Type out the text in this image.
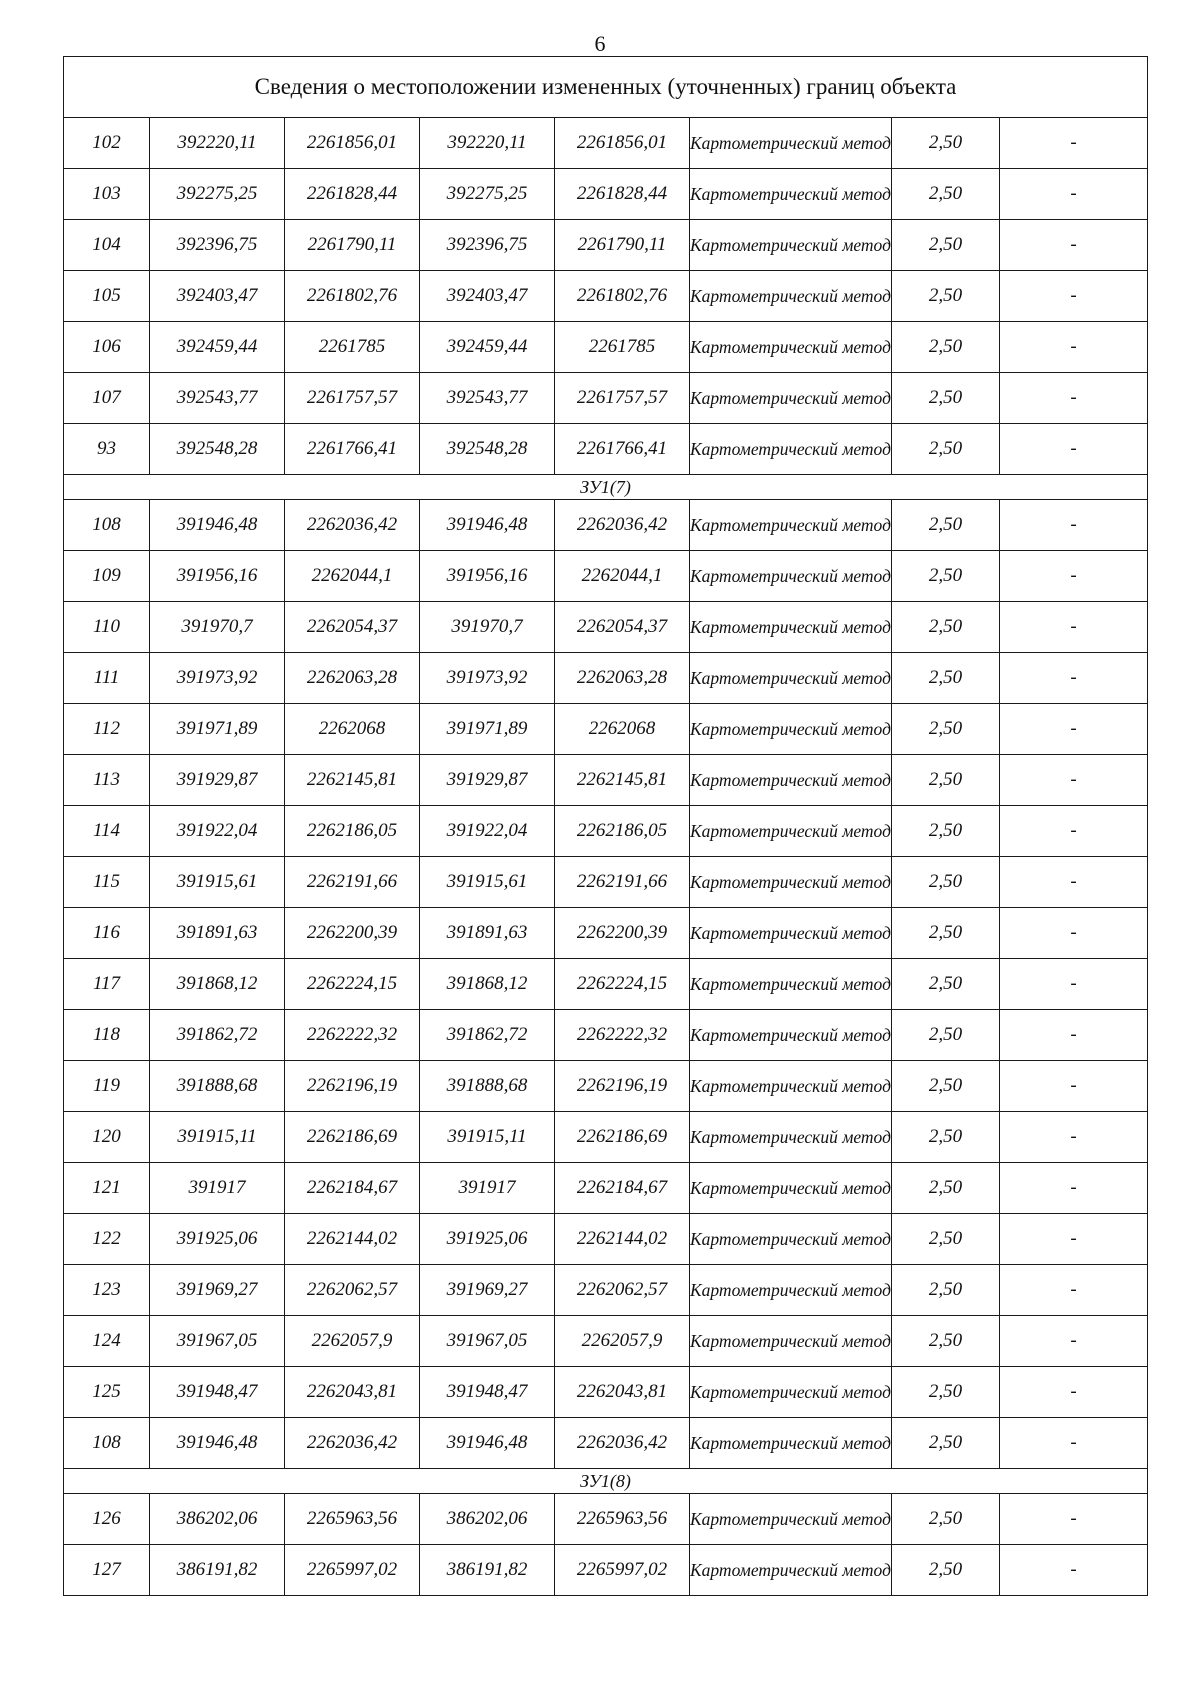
6
Сведения о местоположении измененных (уточненных) границ объекта							
102	392220,11	2261856,01	392220,11	2261856,01	Картометрический метод	2,50	-
103	392275,25	2261828,44	392275,25	2261828,44	Картометрический метод	2,50	-
104	392396,75	2261790,11	392396,75	2261790,11	Картометрический метод	2,50	-
105	392403,47	2261802,76	392403,47	2261802,76	Картометрический метод	2,50	-
106	392459,44	2261785	392459,44	2261785	Картометрический метод	2,50	-
107	392543,77	2261757,57	392543,77	2261757,57	Картометрический метод	2,50	-
93	392548,28	2261766,41	392548,28	2261766,41	Картометрический метод	2,50	-
ЗУ1(7)							
108	391946,48	2262036,42	391946,48	2262036,42	Картометрический метод	2,50	-
109	391956,16	2262044,1	391956,16	2262044,1	Картометрический метод	2,50	-
110	391970,7	2262054,37	391970,7	2262054,37	Картометрический метод	2,50	-
111	391973,92	2262063,28	391973,92	2262063,28	Картометрический метод	2,50	-
112	391971,89	2262068	391971,89	2262068	Картометрический метод	2,50	-
113	391929,87	2262145,81	391929,87	2262145,81	Картометрический метод	2,50	-
114	391922,04	2262186,05	391922,04	2262186,05	Картометрический метод	2,50	-
115	391915,61	2262191,66	391915,61	2262191,66	Картометрический метод	2,50	-
116	391891,63	2262200,39	391891,63	2262200,39	Картометрический метод	2,50	-
117	391868,12	2262224,15	391868,12	2262224,15	Картометрический метод	2,50	-
118	391862,72	2262222,32	391862,72	2262222,32	Картометрический метод	2,50	-
119	391888,68	2262196,19	391888,68	2262196,19	Картометрический метод	2,50	-
120	391915,11	2262186,69	391915,11	2262186,69	Картометрический метод	2,50	-
121	391917	2262184,67	391917	2262184,67	Картометрический метод	2,50	-
122	391925,06	2262144,02	391925,06	2262144,02	Картометрический метод	2,50	-
123	391969,27	2262062,57	391969,27	2262062,57	Картометрический метод	2,50	-
124	391967,05	2262057,9	391967,05	2262057,9	Картометрический метод	2,50	-
125	391948,47	2262043,81	391948,47	2262043,81	Картометрический метод	2,50	-
108	391946,48	2262036,42	391946,48	2262036,42	Картометрический метод	2,50	-
ЗУ1(8)							
126	386202,06	2265963,56	386202,06	2265963,56	Картометрический метод	2,50	-
127	386191,82	2265997,02	386191,82	2265997,02	Картометрический метод	2,50	-
